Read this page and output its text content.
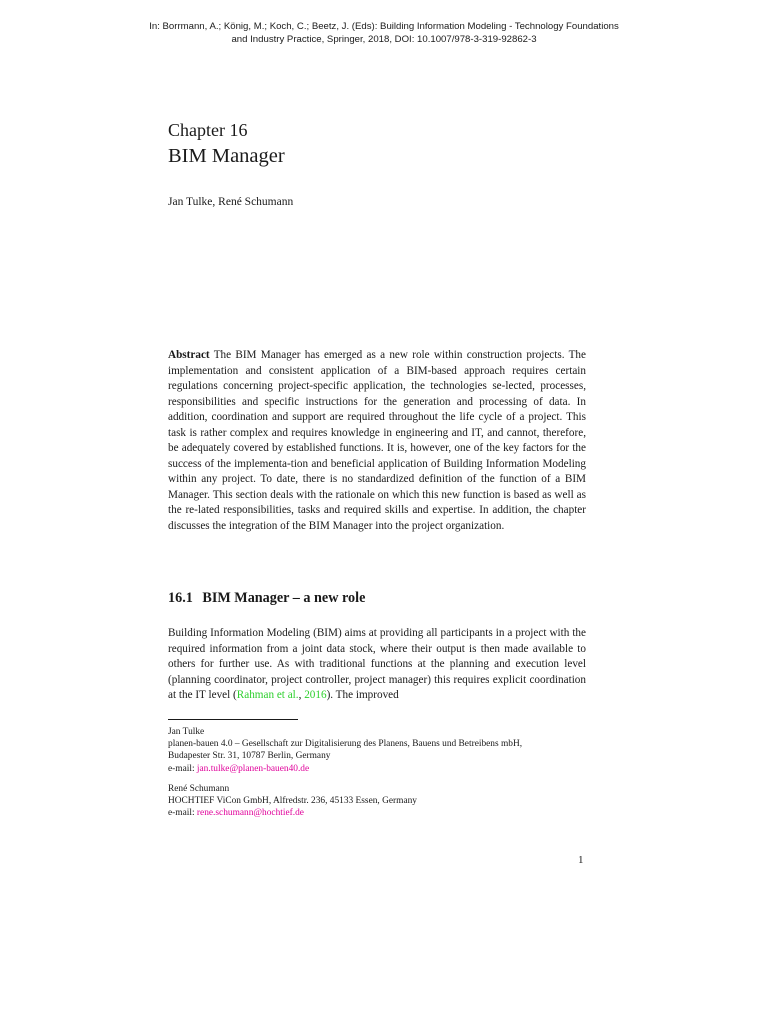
In: Borrmann, A.; König, M.; Koch, C.; Beetz, J. (Eds): Building Information Modeling - Technology Foundations
and Industry Practice, Springer, 2018, DOI: 10.1007/978-3-319-92862-3
Chapter 16
BIM Manager
Jan Tulke, René Schumann
Abstract The BIM Manager has emerged as a new role within construction projects. The implementation and consistent application of a BIM-based approach requires certain regulations concerning project-specific application, the technologies se-lected, processes, responsibilities and specific instructions for the generation and processing of data. In addition, coordination and support are required throughout the life cycle of a project. This task is rather complex and requires knowledge in engineering and IT, and cannot, therefore, be adequately covered by established functions. It is, however, one of the key factors for the success of the implementa-tion and beneficial application of Building Information Modeling within any project. To date, there is no standardized definition of the function of a BIM Manager. This section deals with the rationale on which this new function is based as well as the re-lated responsibilities, tasks and required skills and expertise. In addition, the chapter discusses the integration of the BIM Manager into the project organization.
16.1 BIM Manager – a new role
Building Information Modeling (BIM) aims at providing all participants in a project with the required information from a joint data stock, where their output is then made available to others for further use. As with traditional functions at the planning and execution level (planning coordinator, project controller, project manager) this requires explicit coordination at the IT level (Rahman et al., 2016). The improved
Jan Tulke
planen-bauen 4.0 – Gesellschaft zur Digitalisierung des Planens, Bauens und Betreibens mbH,
Budapester Str. 31, 10787 Berlin, Germany
e-mail: jan.tulke@planen-bauen40.de
René Schumann
HOCHTIEF ViCon GmbH, Alfredstr. 236, 45133 Essen, Germany
e-mail: rene.schumann@hochtief.de
1
